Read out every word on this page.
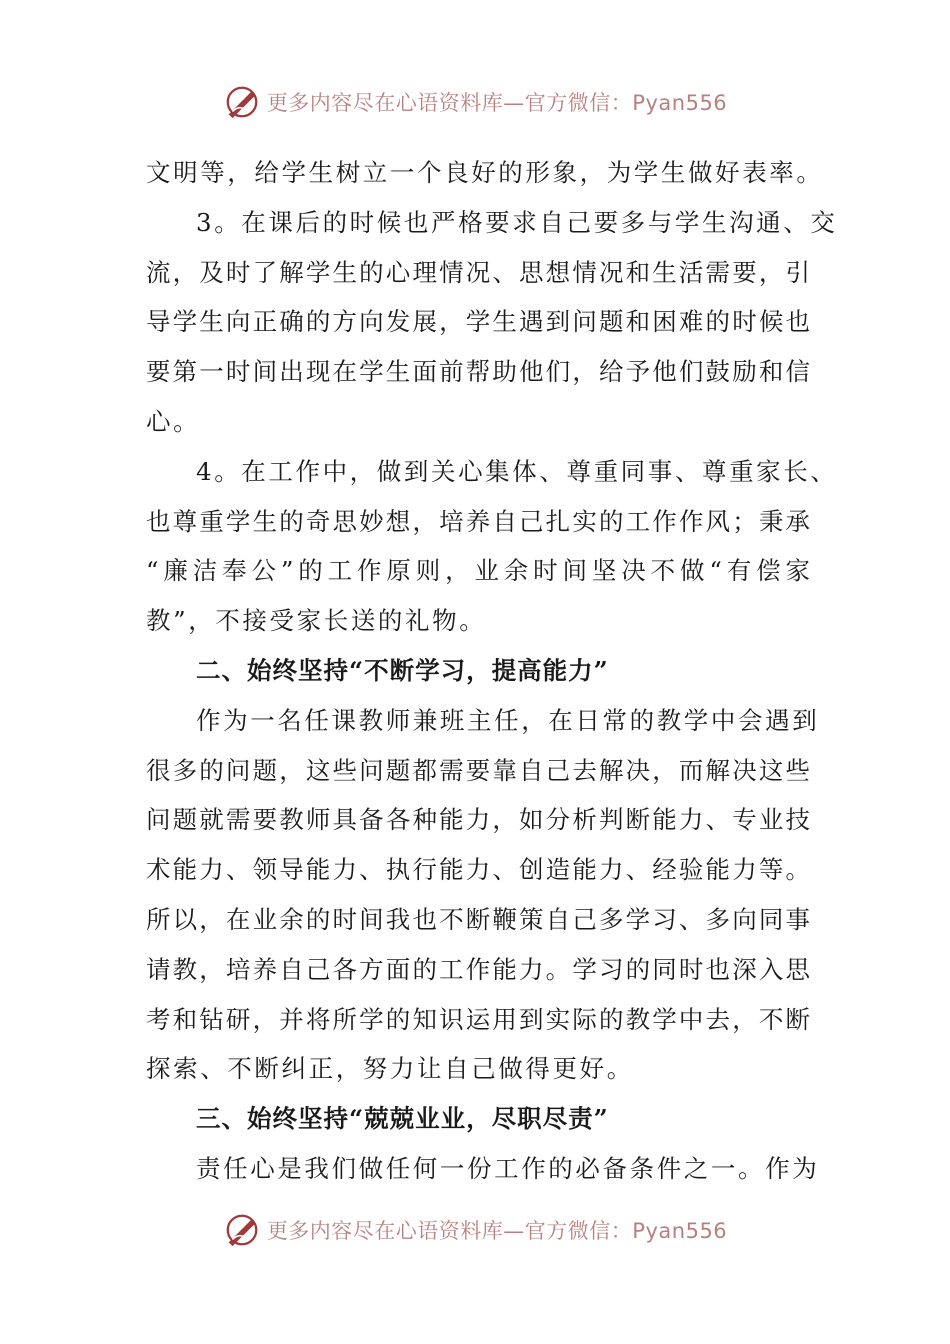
更多内容尽在心语资料库—官方微信：Pyan556
文明等，给学生树立一个良好的形象，为学生做好表率。
3。在课后的时候也严格要求自己要多与学生沟通、交
流，及时了解学生的心理情况、思想情况和生活需要，引
导学生向正确的方向发展，学生遇到问题和困难的时候也
要第一时间出现在学生面前帮助他们，给予他们鼓励和信
心。
4。在工作中，做到关心集体、尊重同事、尊重家长、
也尊重学生的奇思妙想，培养自己扎实的工作作风；秉承
“廉洁奉公”的工作原则，业余时间坚决不做“有偿家
教”，不接受家长送的礼物。
二、始终坚持“不断学习，提高能力”
作为一名任课教师兼班主任，在日常的教学中会遇到
很多的问题，这些问题都需要靠自己去解决，而解决这些
问题就需要教师具备各种能力，如分析判断能力、专业技
术能力、领导能力、执行能力、创造能力、经验能力等。
所以，在业余的时间我也不断鞭策自己多学习、多向同事
请教，培养自己各方面的工作能力。学习的同时也深入思
考和钻研，并将所学的知识运用到实际的教学中去，不断
探索、不断纠正，努力让自己做得更好。
三、始终坚持“兢兢业业，尽职尽责”
责任心是我们做任何一份工作的必备条件之一。作为
更多内容尽在心语资料库—官方微信：Pyan556
